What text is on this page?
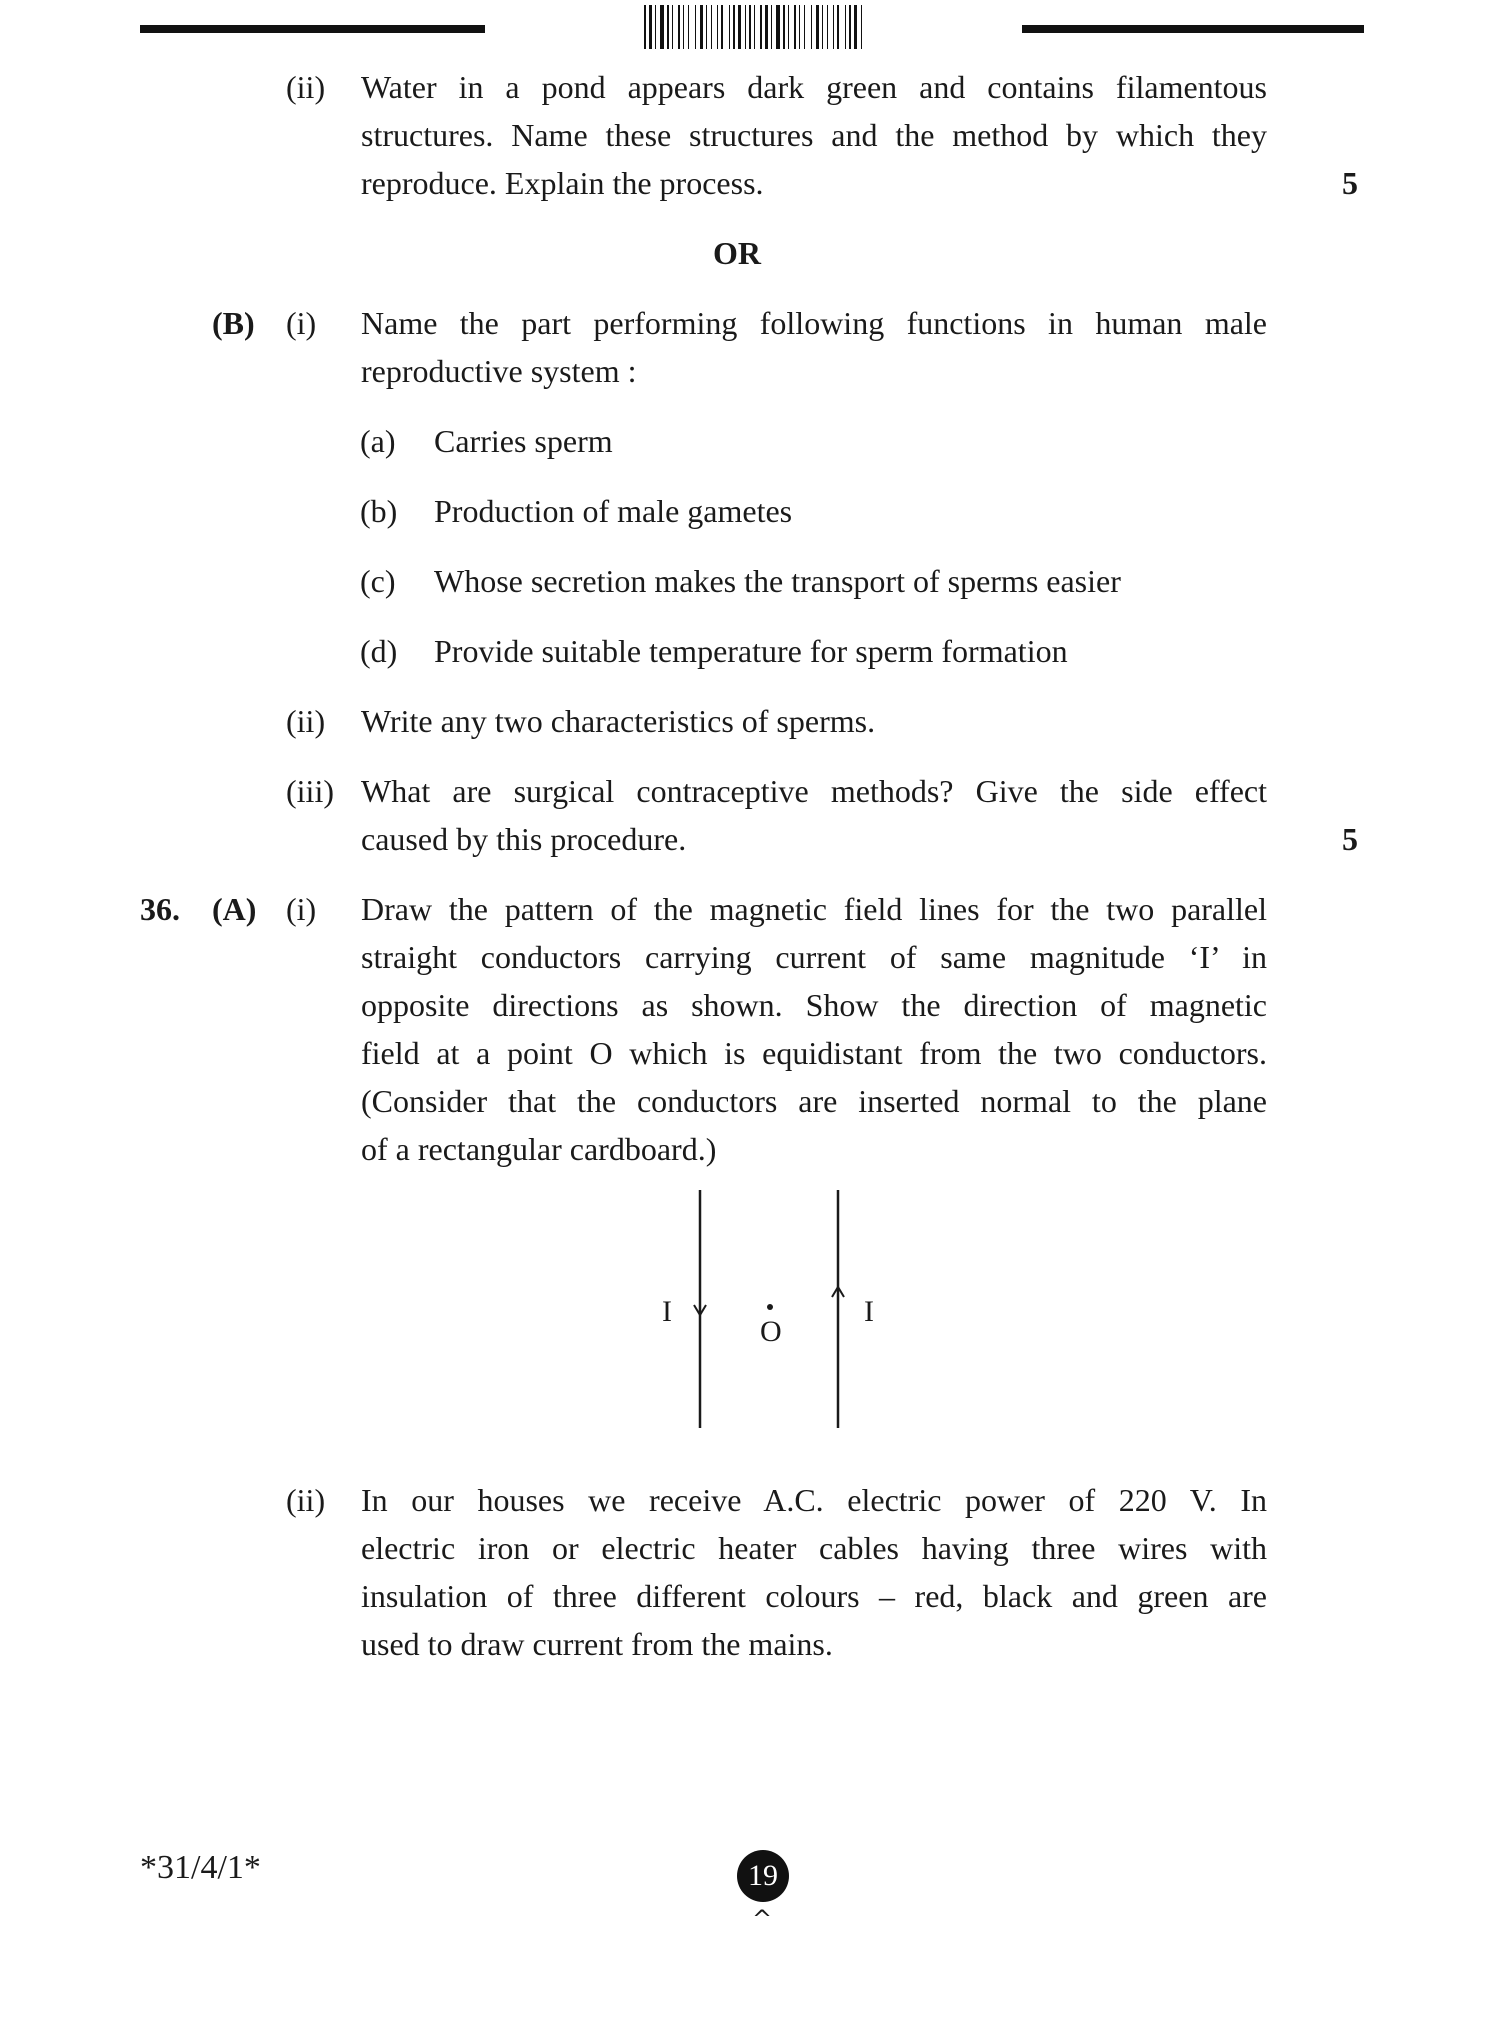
(ii) Water in a pond appears dark green and contains filamentous
structures. Name these structures and the method by which they
reproduce. Explain the process.	5
OR
(B) (i) Name the part performing following functions in human male
reproductive system :
(a) Carries sperm
(b) Production of male gametes
(c) Whose secretion makes the transport of sperms easier
(d) Provide suitable temperature for sperm formation
(ii) Write any two characteristics of sperms.
(iii) What are surgical contraceptive methods? Give the side effect
caused by this procedure.	5
36. (A) (i) Draw the pattern of the magnetic field lines for the two parallel
straight conductors carrying current of same magnitude ‘I’ in
opposite directions as shown. Show the direction of magnetic
field at a point O which is equidistant from the two conductors.
(Consider that the conductors are inserted normal to the plane
of a rectangular cardboard.)
I	I
O
(ii) In our houses we receive A.C. electric power of 220 V. In
electric iron or electric heater cables having three wires with
insulation of three different colours – red, black and green are
used to draw current from the mains.
*31/4/1*	19
^
